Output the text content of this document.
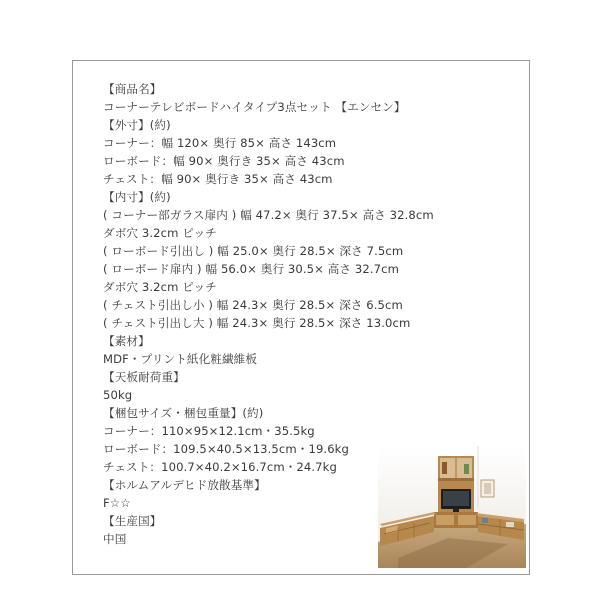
【商品名】
コーナーテレビボードハイタイプ3点セット 【エンセン】
【外寸】(約)
コーナー：幅 120× 奥行 85× 高さ 143cm
ローボード：幅 90× 奥行き 35× 高さ 43cm
チェスト：幅 90× 奥行き 35× 高さ 43cm
【内寸】(約)
( コーナー部ガラス扉内 ) 幅 47.2× 奥行 37.5× 高さ 32.8cm
ダボ穴 3.2cm ピッチ
( ローボード引出し ) 幅 25.0× 奥行 28.5× 深さ 7.5cm
( ローボード扉内 ) 幅 56.0× 奥行 30.5× 高さ 32.7cm
ダボ穴 3.2cm ピッチ
( チェスト引出し小 ) 幅 24.3× 奥行 28.5× 深さ 6.5cm
( チェスト引出し大 ) 幅 24.3× 奥行 28.5× 深さ 13.0cm
【素材】
MDF・プリント紙化粧繊維板
【天板耐荷重】
50kg
【梱包サイズ・梱包重量】(約)
コーナー：110×95×12.1cm・35.5kg
ローボード：109.5×40.5×13.5cm・19.6kg
チェスト：100.7×40.2×16.7cm・24.7kg
【ホルムアルデヒド放散基準】
F☆☆
【生産国】
中国
